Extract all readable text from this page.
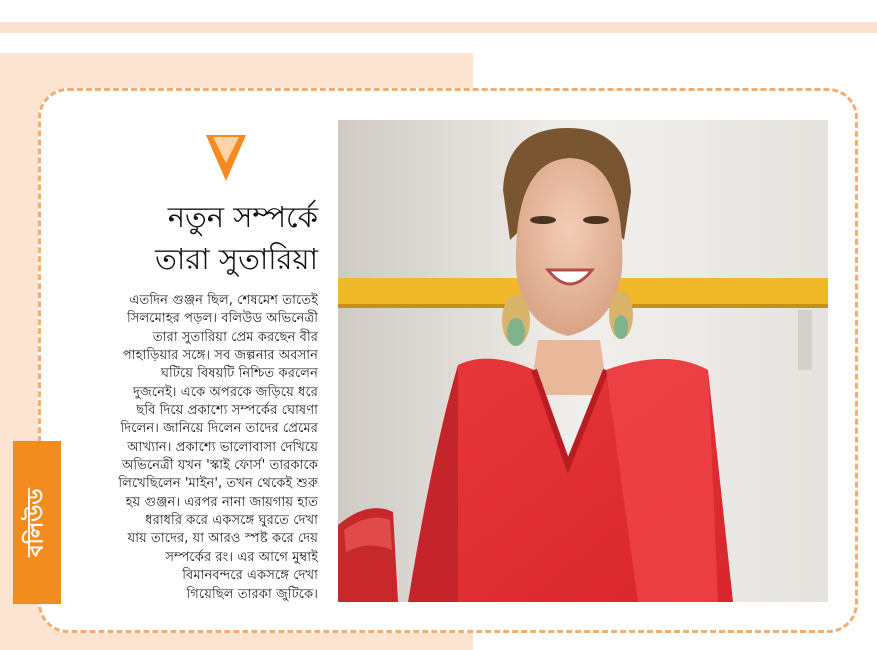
বলিউড
নতুন সম্পর্কে
তারা সুতারিয়া
এতদিন গুঞ্জন ছিল, শেষমেশ তাতেই
সিলমোহর পড়ল। বলিউড অভিনেত্রী
তারা সুতারিয়া প্রেম করছেন বীর
পাহাড়িয়ার সঙ্গে। সব জল্পনার অবসান
ঘটিয়ে বিষয়টি নিশ্চিত করলেন
দুজনেই। একে অপরকে জড়িয়ে ধরে
ছবি দিয়ে প্রকাশ্যে সম্পর্কের ঘোষণা
দিলেন। জানিয়ে দিলেন তাদের প্রেমের
আখ্যান। প্রকাশ্যে ভালোবাসা দেখিয়ে
অভিনেত্রী যখন 'স্কাই ফোর্স' তারকাকে
লিখেছিলেন 'মাইন', তখন থেকেই শুরু
হয় গুঞ্জন। এরপর নানা জায়গায় হাত
ধরাধরি করে একসঙ্গে ঘুরতে দেখা
যায় তাদের, যা আরও স্পষ্ট করে দেয়
সম্পর্কের রং। এর আগে মুম্বাই
বিমানবন্দরে একসঙ্গে দেখা
গিয়েছিল তারকা জুটিকে।
